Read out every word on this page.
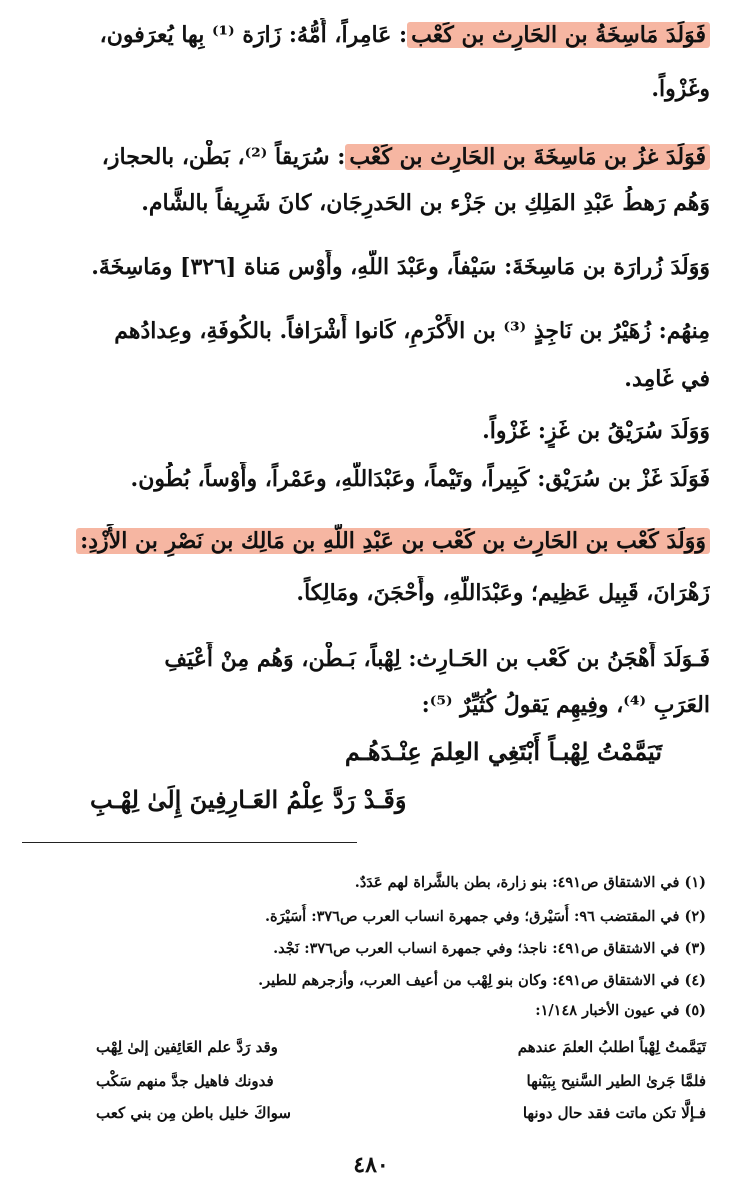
فَوَلَدَ مَاسِخَةُ بن الحَارِث بن كَعْب: عَامِراً، أُمُّهُ: زَارَة ⁽¹⁾ بِها يُعرَفون،
وغَزْواً.
فَوَلَدَ غزُ بن مَاسِخَةَ بن الحَارِث بن كَعْب: سُرَيقاً ⁽²⁾، بَطْن، بالحجاز،
وَهُم رَهطُ عَبْدِ المَلِكِ بن جَزْء بن الحَدرِجَان، كانَ شَرِيفاً بالشَّام.
وَوَلَدَ زُرارَة بن مَاسِخَةَ: سَيْفاً، وعَبْدَ اللّهِ، وأَوْس مَناة [٣٢٦] ومَاسِخَةَ.
مِنهُم: زُهَيْرُ بن نَاجِذٍ ⁽³⁾ بن الأَكْرَمِ، كَانوا أَشْرَافاً. بالكُوفَةِ، وعِدادُهم
في غَامِد.
وَوَلَدَ سُرَيْقُ بن غَزٍ: غَزْواً.
فَوَلَدَ غَزْ بن سُرَيْق: كَبِيراً، وتَيْماً، وعَبْدَاللّهِ، وعَمْراً، وأَوْساً، بُطُون.
وَوَلَدَ كَعْب بن الحَارِث بن كَعْب بن عَبْدِ اللّهِ بن مَالِك بن نَصْرِ بن الأَزْدِ:
زَهْرَانَ، قَبِيل عَظِيم؛ وعَبْدَاللّهِ، وأَحْجَنَ، ومَالِكاً.
فَـوَلَدَ أَهْجَنُ بن كَعْب بن الحَـارِث: لِهْباً، بَـطْن، وَهُم مِنْ أَعْيَفِ
العَرَبِ ⁽⁴⁾، وفِيهِم يَقولُ كُثَيِّرٌ ⁽⁵⁾:
تَيَمَّمْتُ لِهْبـاً أَبْتَغِي العِلمَ عِنْـدَهُـم
وَقَـدْ رَدَّ عِلْمُ العَـارِفِينَ إِلَىٰ لِهْـبِ
(١) في الاشتقاق ص٤٩١: بنو زارة، بطن بالشَّراة لهم عَدَدٌ.
(٢) في المقتضب ٩٦: أُسَيْرق؛ وفي جمهرة انساب العرب ص٣٧٦: أُسَيْرَة.
(٣) في الاشتقاق ص٤٩١: ناجذ؛ وفي جمهرة انساب العرب ص٣٧٦: نَجْد.
(٤) في الاشتقاق ص٤٩١: وكان بنو لِهْب من أعيف العرب، وأزجرهم للطير.
(٥) في عيون الأخبار ١/١٤٨:
تَيَمَّمتُ لِهْباً اطلبُ العلمَ عندهم
وقد رَدَّ علم العَائِفين إلىٰ لِهْب
فلمَّا جَرىٰ الطير السَّنيح بِبَيْنها
فدونك فاهيل جدَّ منهم سَكْب
فـإلَّا تكن ماتت فقد حال دونها
سواكَ خليل باطن مِن بني كعب
٤٨٠
